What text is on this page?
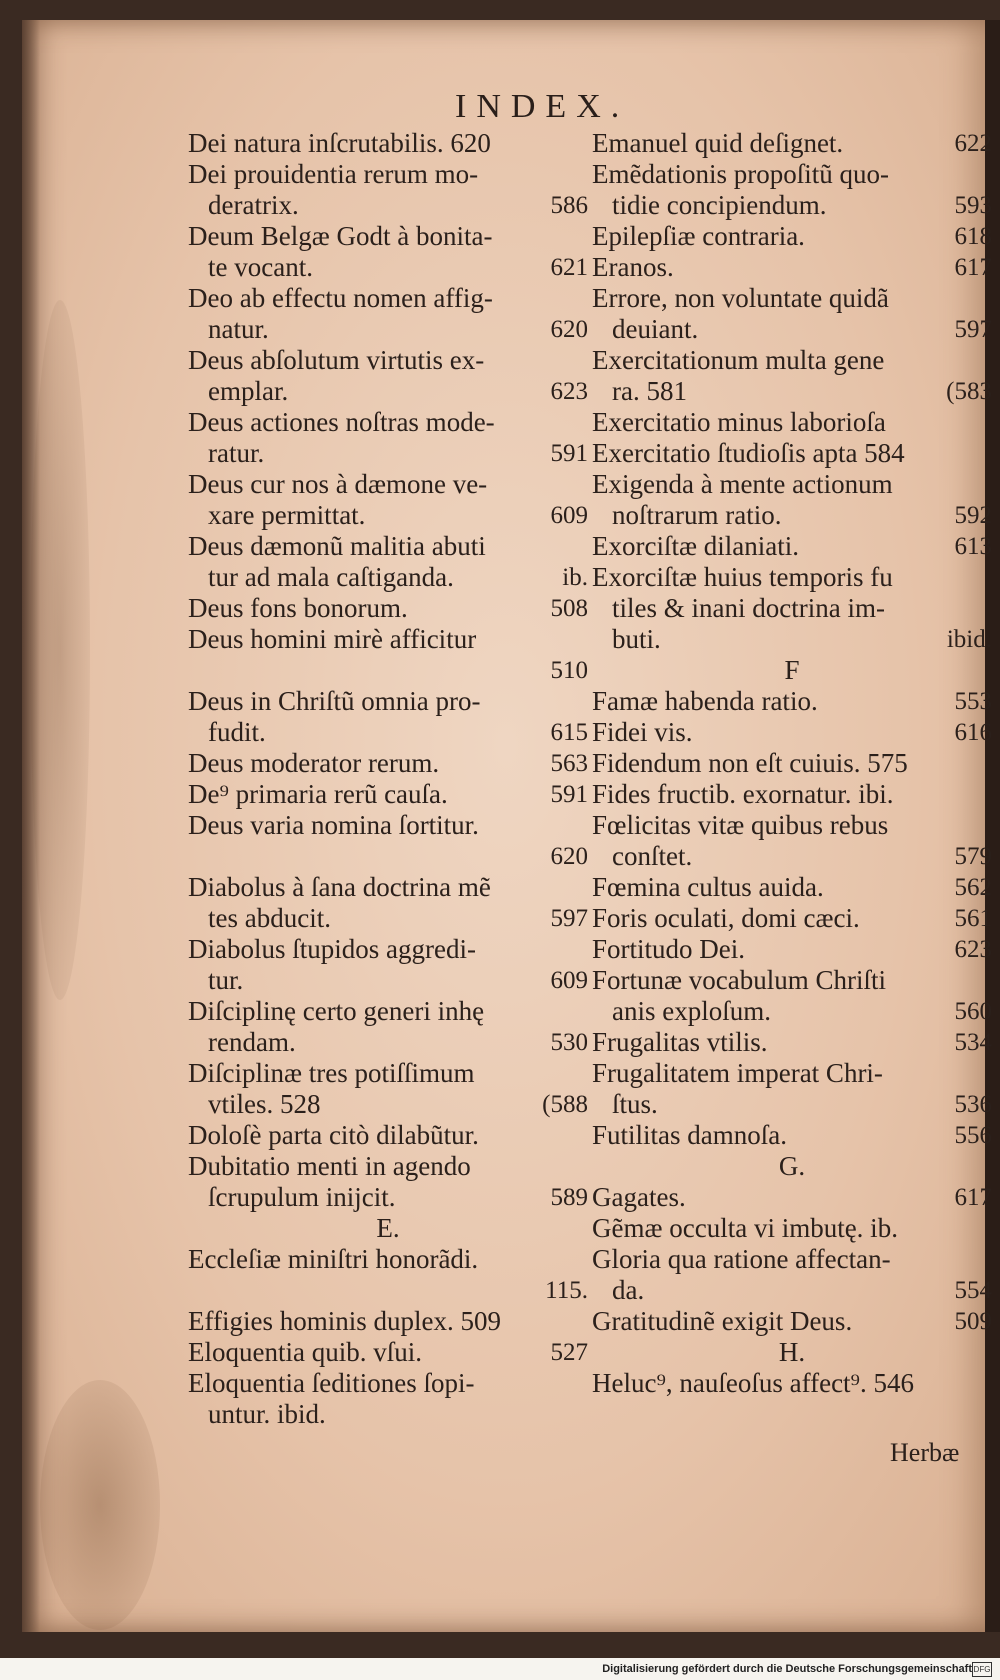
INDEX.
Dei natura inſcrutabilis. 620
Dei prouidentia rerum mo-
deratrix.	586
Deum Belgæ Godt à bonita-
te vocant.	621
Deo ab effectu nomen affig-
natur.	620
Deus abſolutum virtutis ex-
emplar.	623
Deus actiones noſtras mode-
ratur.	591
Deus cur nos à dæmone ve-
xare permittat.	609
Deus dæmonũ malitia abuti
tur ad mala caſtiganda.	ib.
Deus fons bonorum.	508
Deus homini mirè afficitur
510
Deus in Chriſtũ omnia pro-
fudit.	615
Deus moderator rerum.	563
De⁹ primaria rerũ cauſa.	591
Deus varia nomina ſortitur.
620
Diabolus à ſana doctrina mẽ
tes abducit.	597
Diabolus ſtupidos aggredi-
tur.	609
Diſciplinę certo generi inhę
rendam.	530
Diſciplinæ tres potiſſimum
vtiles. 528	(588
Doloſè parta citò dilabũtur.
Dubitatio menti in agendo
ſcrupulum inijcit.	589
E.
Eccleſiæ miniſtri honorãdi.
115.
Effigies hominis duplex. 509
Eloquentia quib. vſui.	527
Eloquentia ſeditiones ſopi-
untur. ibid.
Emanuel quid deſignet.	622
Emẽdationis propoſitũ quo-
tidie concipiendum.	593
Epilepſiæ contraria.	618
Eranos.	617
Errore, non voluntate quidã
deuiant.	597
Exercitationum multa gene
ra. 581	(583
Exercitatio minus laborioſa
Exercitatio ſtudioſis apta 584
Exigenda à mente actionum
noſtrarum ratio.	592
Exorciſtæ dilaniati.	613
Exorciſtæ huius temporis fu
tiles & inani doctrina im-
buti.	ibid.
F
Famæ habenda ratio.	553
Fidei vis.	616
Fidendum non eſt cuiuis. 575
Fides fructib. exornatur. ibi.
Fœlicitas vitæ quibus rebus
conſtet.	579
Fœmina cultus auida.	562
Foris oculati, domi cæci.	561
Fortitudo Dei.	623
Fortunæ vocabulum Chriſti
anis exploſum.	560
Frugalitas vtilis.	534
Frugalitatem imperat Chri-
ſtus.	536
Futilitas damnoſa.	556
G.
Gagates.	617
Gẽmæ occulta vi imbutę. ib.
Gloria qua ratione affectan-
da.	554
Gratitudinẽ exigit Deus.	509
H.
Heluc⁹, nauſeoſus affect⁹. 546
Herbæ
Digitalisierung gefördert durch die Deutsche Forschungsgemeinschaft DFG
